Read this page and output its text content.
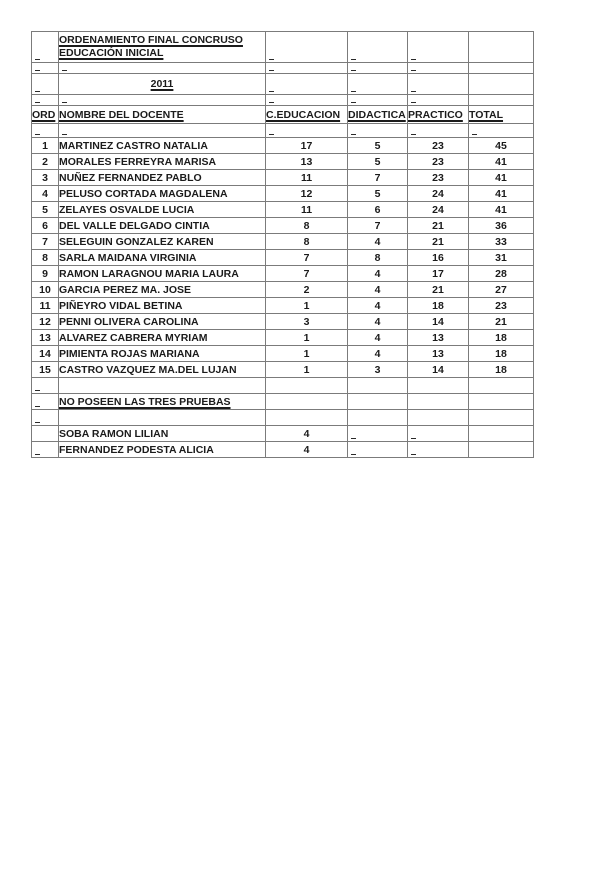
	ORDENAMIENTO FINAL CONCRUSO
EDUCACIÓN INICIAL				

	2011				

ORD	NOMBRE DEL DOCENTE	C.EDUCACION	DIDACTICA	PRACTICO	TOTAL

1	MARTINEZ CASTRO NATALIA	17	5	23	45
2	MORALES FERREYRA MARISA	13	5	23	41
3	NUÑEZ FERNANDEZ PABLO	11	7	23	41
4	PELUSO CORTADA MAGDALENA	12	5	24	41
5	ZELAYES OSVALDE LUCIA	11	6	24	41
6	DEL VALLE DELGADO CINTIA	8	7	21	36
7	SELEGUIN GONZALEZ KAREN	8	4	21	33
8	SARLA MAIDANA VIRGINIA	7	8	16	31
9	RAMON LARAGNOU MARIA LAURA	7	4	17	28
10	GARCIA PEREZ MA. JOSE	2	4	21	27
11	PIÑEYRO VIDAL BETINA	1	4	18	23
12	PENNI OLIVERA CAROLINA	3	4	14	21
13	ALVAREZ CABRERA MYRIAM	1	4	13	18
14	PIMIENTA ROJAS MARIANA	1	4	13	18
15	CASTRO VAZQUEZ MA.DEL LUJAN	1	3	14	18

	NO POSEEN LAS TRES PRUEBAS				

	SOBA RAMON LILIAN	4			
	FERNANDEZ PODESTA ALICIA	4			
